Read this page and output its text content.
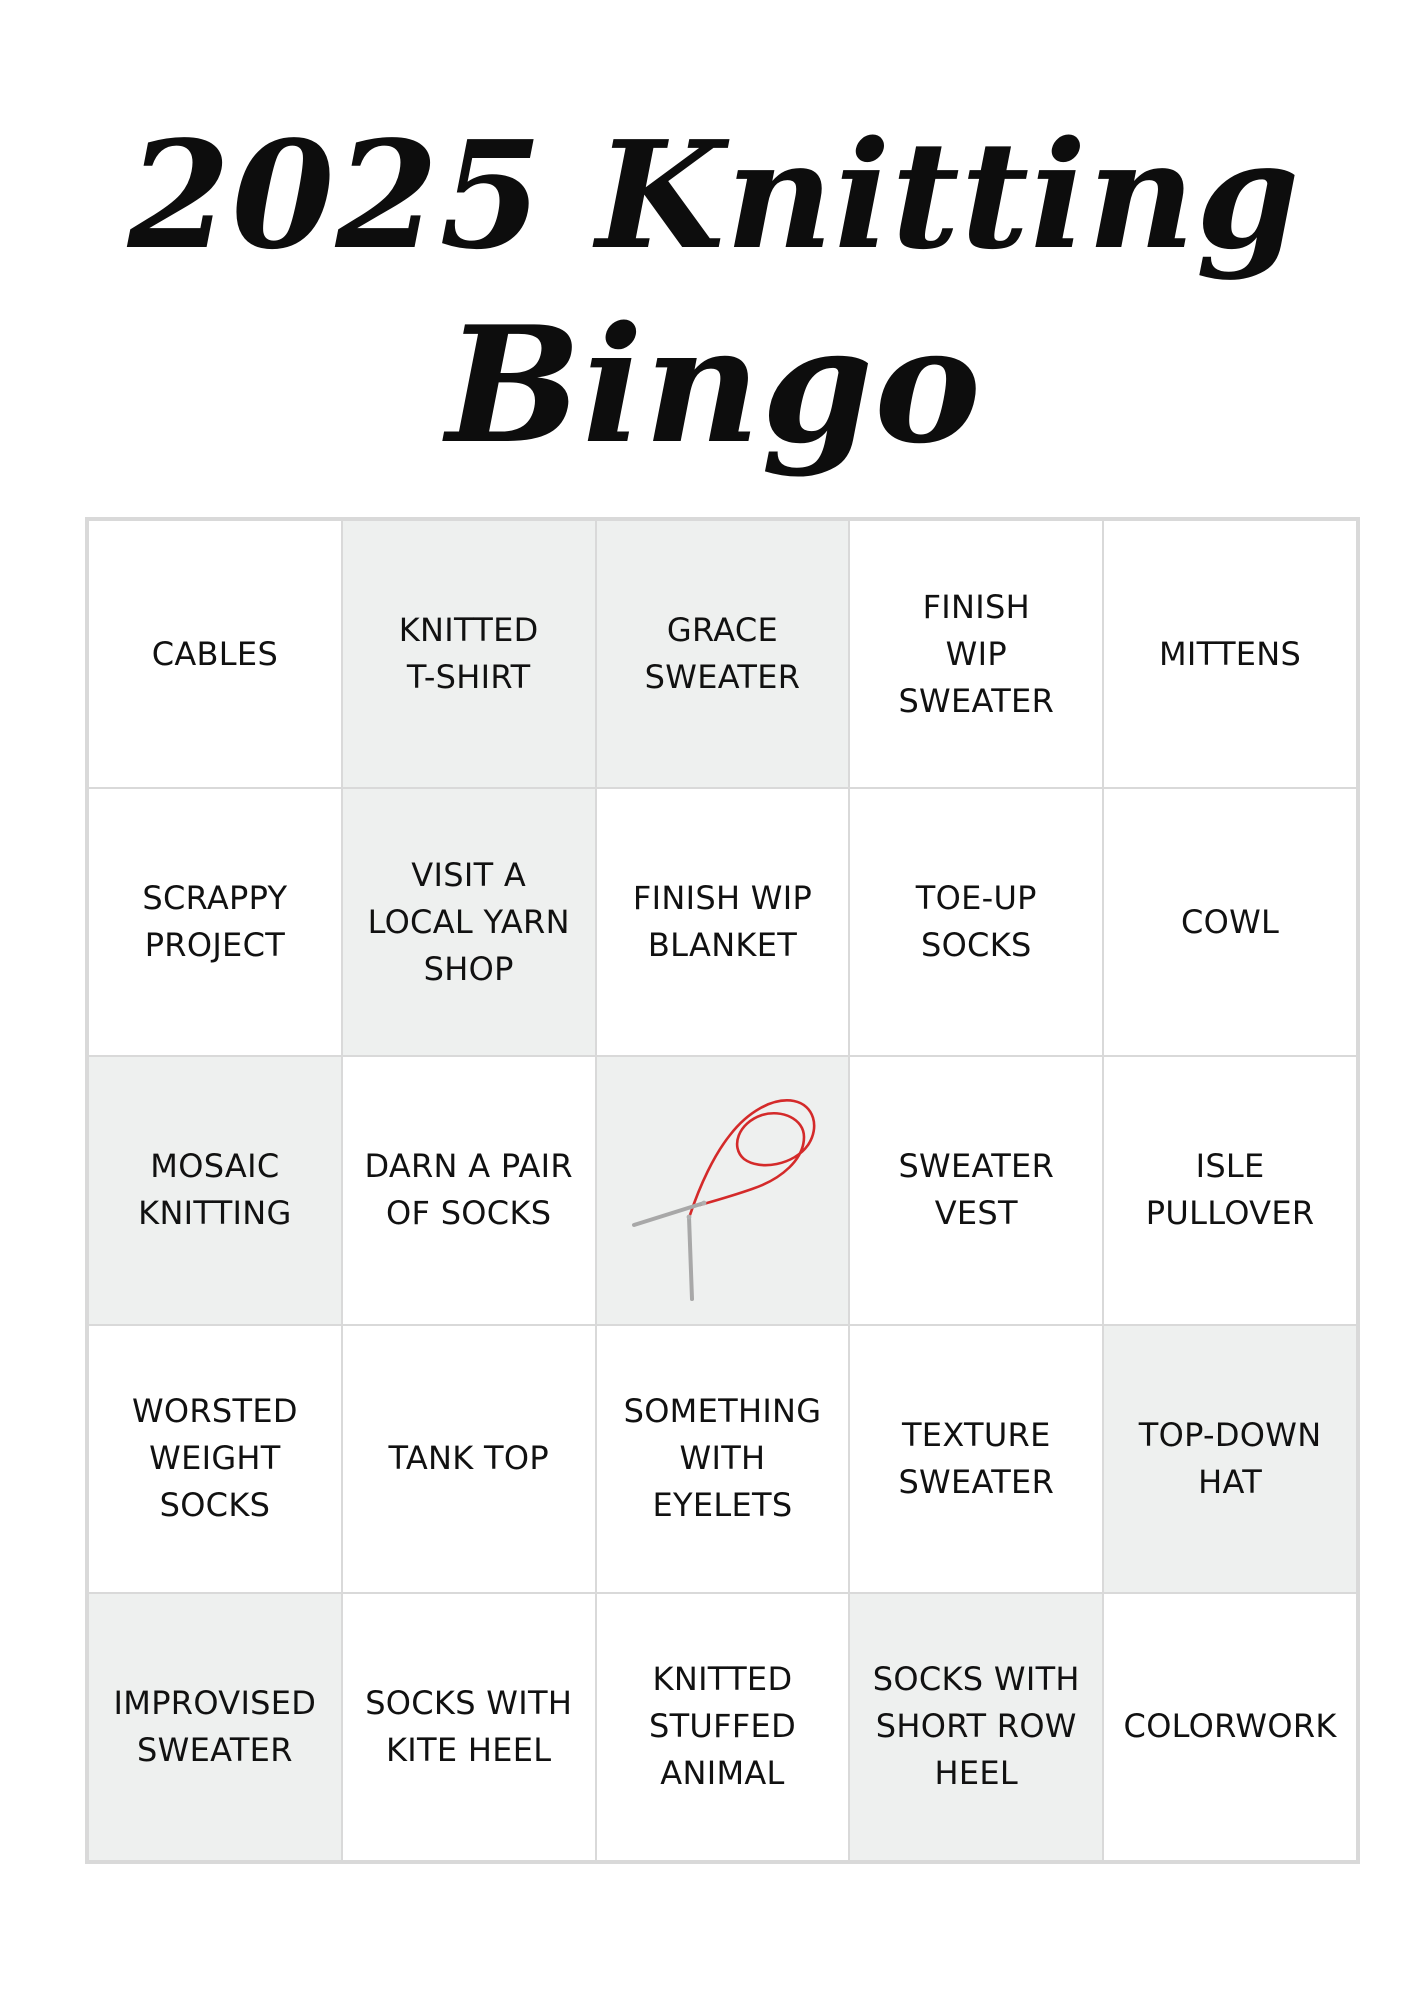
2025 Knitting
Bingo
CABLES
KNITTED
T-SHIRT
GRACE
SWEATER
FINISH
WIP
SWEATER
MITTENS
SCRAPPY
PROJECT
VISIT A
LOCAL YARN
SHOP
FINISH WIP
BLANKET
TOE-UP
SOCKS
COWL
MOSAIC
KNITTING
DARN A PAIR
OF SOCKS
SWEATER
VEST
ISLE
PULLOVER
WORSTED
WEIGHT
SOCKS
TANK TOP
SOMETHING
WITH
EYELETS
TEXTURE
SWEATER
TOP-DOWN
HAT
IMPROVISED
SWEATER
SOCKS WITH
KITE HEEL
KNITTED
STUFFED
ANIMAL
SOCKS WITH
SHORT ROW
HEEL
COLORWORK
